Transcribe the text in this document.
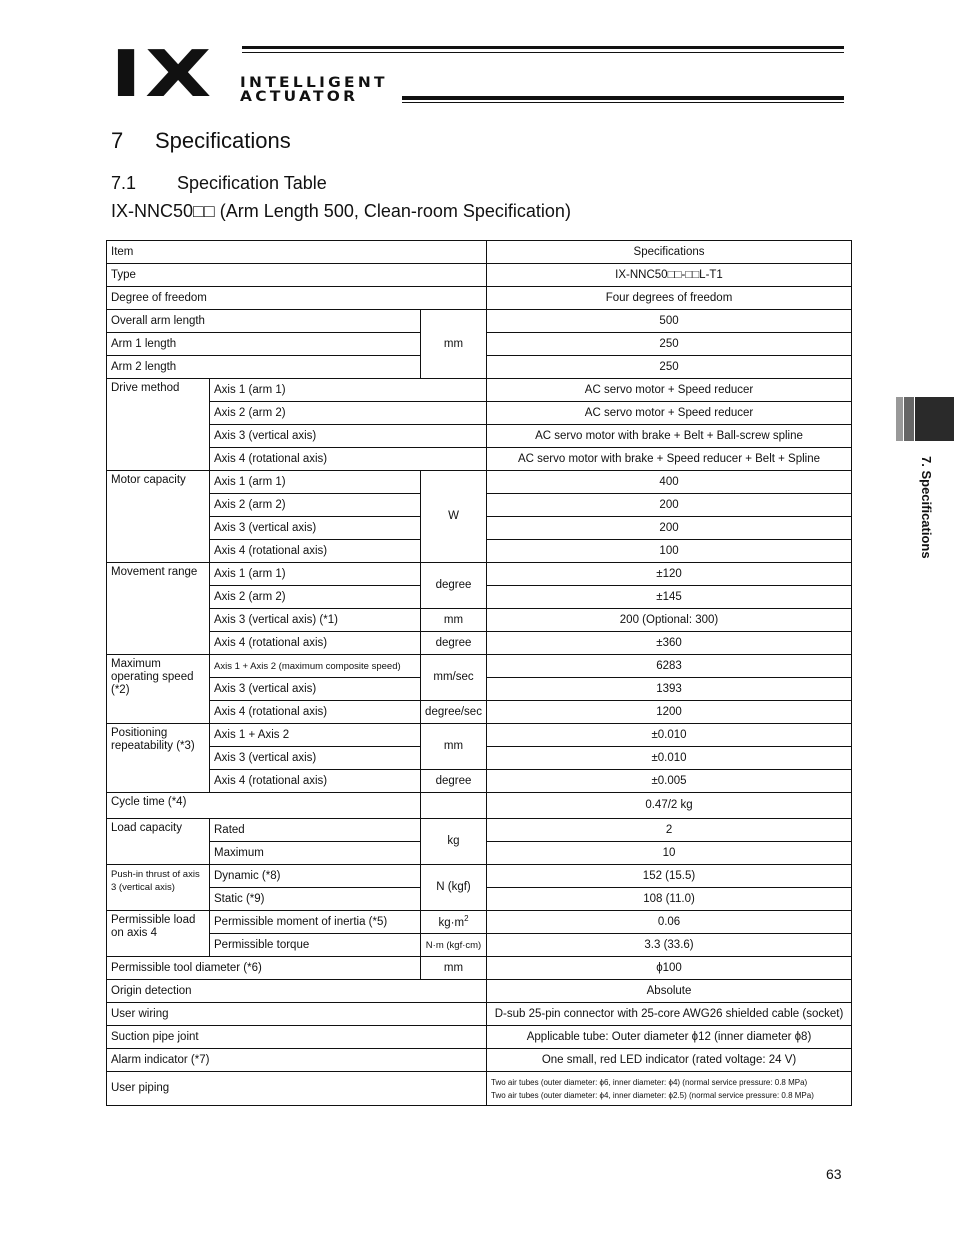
IX INTELLIGENT
ACTUATOR
7 Specifications
7.1 Specification Table
IX-NNC50□□ (Arm Length 500, Clean-room Specification)
Item			Specifications
Type			IX-NNC50□□-□□L-T1
Degree of freedom			Four degrees of freedom
Overall arm length		mm	500
Arm 1 length			250
Arm 2 length			250
Drive method	Axis 1 (arm 1)		AC servo motor + Speed reducer
	Axis 2 (arm 2)		AC servo motor + Speed reducer
	Axis 3 (vertical axis)		AC servo motor with brake + Belt + Ball-screw spline
	Axis 4 (rotational axis)		AC servo motor with brake + Speed reducer + Belt + Spline
Motor capacity	Axis 1 (arm 1)	W	400
	Axis 2 (arm 2)		200
	Axis 3 (vertical axis)		200
	Axis 4 (rotational axis)		100
Movement range	Axis 1 (arm 1)	degree	±120
	Axis 2 (arm 2)		±145
	Axis 3 (vertical axis) (*1)	mm	200 (Optional: 300)
	Axis 4 (rotational axis)	degree	±360
Maximum operating speed (*2)	Axis 1 + Axis 2 (maximum composite speed)	mm/sec	6283
	Axis 3 (vertical axis)		1393
	Axis 4 (rotational axis)	degree/sec	1200
Positioning repeatability (*3)	Axis 1 + Axis 2	mm	±0.010
	Axis 3 (vertical axis)		±0.010
	Axis 4 (rotational axis)	degree	±0.005
Cycle time (*4)			0.47/2 kg
Load capacity	Rated	kg	2
	Maximum		10
Push-in thrust of axis 3 (vertical axis)	Dynamic (*8)	N (kgf)	152 (15.5)
	Static (*9)		108 (11.0)
Permissible load on axis 4	Permissible moment of inertia (*5)	$kg\cdot m^2$	0.06
	Permissible torque	N·m (kgf·cm)	3.3 (33.6)
Permissible tool diameter (*6)		mm	ϕ100
Origin detection			Absolute
User wiring			D-sub 25-pin connector with 25-core AWG26 shielded cable (socket)
Suction pipe joint			Applicable tube: Outer diameter ϕ12 (inner diameter ϕ8)
Alarm indicator (*7)			One small, red LED indicator (rated voltage: 24 V)
User piping			Two air tubes (outer diameter: ϕ6, inner diameter: ϕ4) (normal service pressure: 0.8 MPa)
Two air tubes (outer diameter: ϕ4, inner diameter: ϕ2.5) (normal service pressure: 0.8 MPa)
7. Specifications
63
